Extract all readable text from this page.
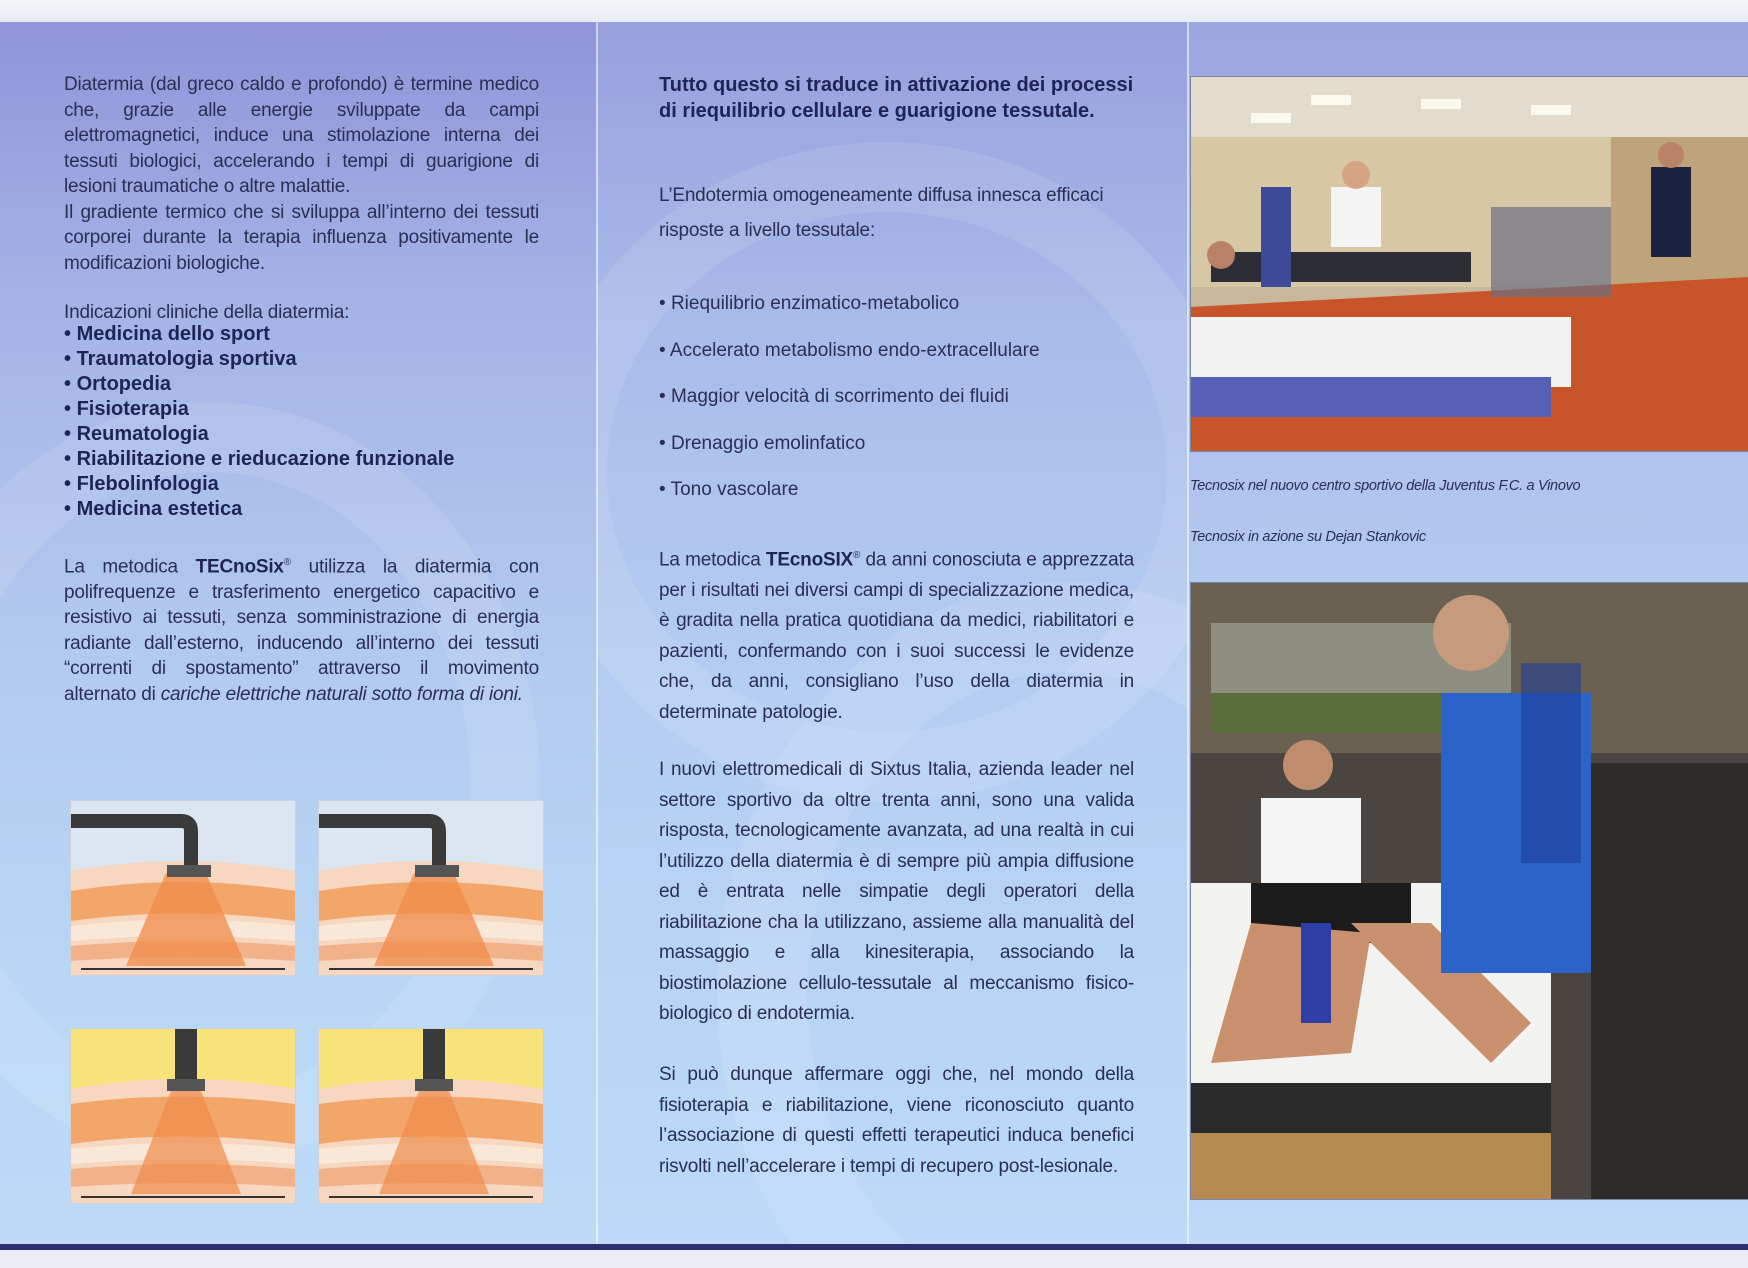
Diatermia (dal greco caldo e profondo) è termine medico che, grazie alle energie sviluppate da campi elettromagnetici, induce una stimolazione interna dei tessuti biologici, accelerando i tempi di guarigione di lesioni traumatiche o altre malattie.

Il gradiente termico che si sviluppa all’interno dei tessuti corporei durante la terapia influenza positivamente le modificazioni biologiche.

Indicazioni cliniche della diatermia:
• Medicina dello sport
• Traumatologia sportiva
• Ortopedia
• Fisioterapia
• Reumatologia
• Riabilitazione e rieducazione funzionale
• Flebolinfologia
• Medicina estetica
La metodica TECnoSix® utilizza la diatermia con polifrequenze e trasferimento energetico capacitivo e resistivo ai tessuti, senza somministrazione di energia radiante dall’esterno, inducendo all’interno dei tessuti “correnti di spostamento” attraverso il movimento alternato di cariche elettriche naturali sotto forma di ioni.
Tutto questo si traduce in attivazione dei processi di riequilibrio cellulare e guarigione tessutale.
L’Endotermia omogeneamente diffusa innesca efficaci risposte a livello tessutale:
• Riequilibrio enzimatico-metabolico
• Accelerato metabolismo endo-extracellulare
• Maggior velocità di scorrimento dei fluidi
• Drenaggio emolinfatico
• Tono vascolare
La metodica TEcnoSIX® da anni conosciuta e apprezzata per i risultati nei diversi campi di specializzazione medica, è gradita nella pratica quotidiana da medici, riabilitatori e pazienti, confermando con i suoi successi le evidenze che, da anni, consigliano l’uso della diatermia in determinate patologie.
I nuovi elettromedicali di Sixtus Italia, azienda leader nel settore sportivo da oltre trenta anni, sono una valida risposta, tecnologicamente avanzata, ad una realtà in cui l’utilizzo della diatermia è di sempre più ampia diffusione ed è entrata nelle simpatie degli operatori della riabilitazione cha la utilizzano, assieme alla manualità del massaggio e alla kinesiterapia, associando la biostimolazione cellulo-tessutale al meccanismo fisico-biologico di endotermia.
Si può dunque affermare oggi che, nel mondo della fisioterapia e riabilitazione, viene riconosciuto quanto l’associazione di questi effetti terapeutici induca benefici risvolti nell’accelerare i tempi di recupero post-lesionale.
Tecnosix nel nuovo centro sportivo della Juventus F.C. a Vinovo
Tecnosix in azione su Dejan Stankovic
